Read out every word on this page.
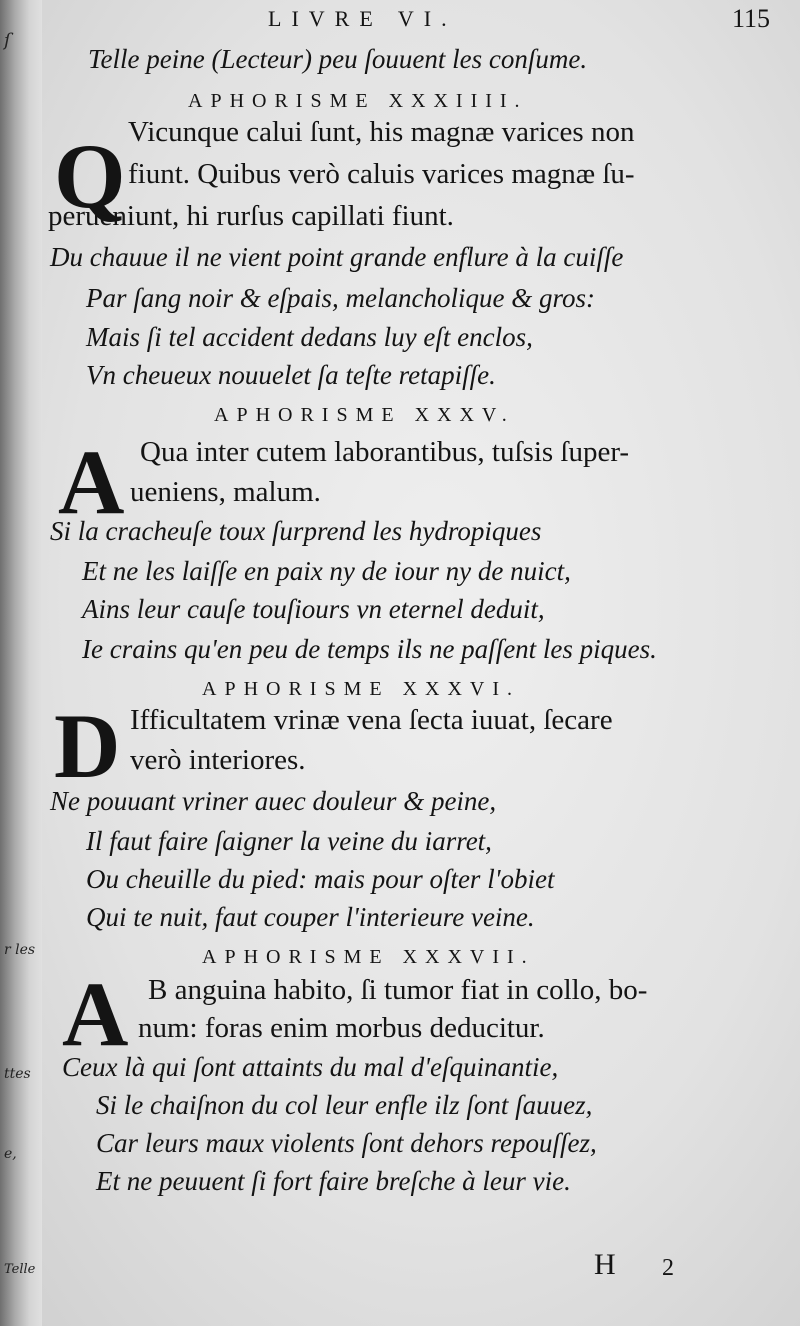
ſ
r les
ttes
e,
Telle
LIVRE VI.	115
Telle peine (Lecteur) peu ſouuent les conſume.
APHORISME XXXIIII.
Q Vicunque calui ſunt, his magnæ varices non
fiunt. Quibus verò caluis varices magnæ ſu-
perueniunt, hi rurſus capillati fiunt.
Du chauue il ne vient point grande enflure à la cuiſſe
Par ſang noir & eſpais, melancholique & gros:
Mais ſi tel accident dedans luy eſt enclos,
Vn cheueux nouuelet ſa teſte retapiſſe.
APHORISME XXXV.
A Qua inter cutem laborantibus, tuſsis ſuper-
ueniens, malum.
Si la cracheuſe toux ſurprend les hydropiques
Et ne les laiſſe en paix ny de iour ny de nuict,
Ains leur cauſe touſiours vn eternel deduit,
Ie crains qu'en peu de temps ils ne paſſent les piques.
APHORISME XXXVI.
D Ifficultatem vrinæ vena ſecta iuuat, ſecare
verò interiores.
Ne pouuant vriner auec douleur & peine,
Il faut faire ſaigner la veine du iarret,
Ou cheuille du pied: mais pour oſter l'obiet
Qui te nuit, faut couper l'interieure veine.
APHORISME XXXVII.
A B anguina habito, ſi tumor fiat in collo, bo-
num: foras enim morbus deducitur.
Ceux là qui ſont attaints du mal d'eſquinantie,
Si le chaiſnon du col leur enfle ilz ſont ſauuez,
Car leurs maux violents ſont dehors repouſſez,
Et ne peuuent ſi fort faire breſche à leur vie.
H 2
